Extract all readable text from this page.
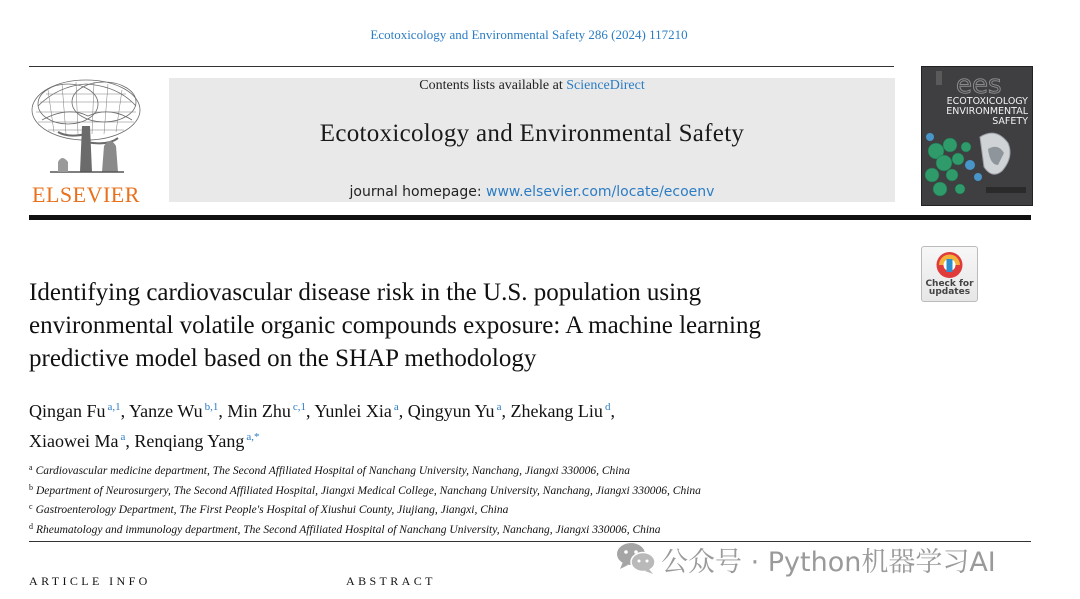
Ecotoxicology and Environmental Safety 286 (2024) 117210
ELSEVIER
Contents lists available at ScienceDirect
Ecotoxicology and Environmental Safety
journal homepage: www.elsevier.com/locate/ecoenv
ees
ECOTOXICOLOGY
ENVIRONMENTAL
SAFETY
Check for
updates
Identifying cardiovascular disease risk in the U.S. population using
environmental volatile organic compounds exposure: A machine learning
predictive model based on the SHAP methodology
Qingan Fu $^{a,1}$, Yanze Wu $^{b,1}$, Min Zhu $^{c,1}$, Yunlei Xia $^a$, Qingyun Yu $^a$, Zhekang Liu $^d$,
Xiaowei Ma $^a$, Renqiang Yang $^{a,*}$
$^a$ Cardiovascular medicine department, The Second Affiliated Hospital of Nanchang University, Nanchang, Jiangxi 330006, China
$^b$ Department of Neurosurgery, The Second Affiliated Hospital, Jiangxi Medical College, Nanchang University, Nanchang, Jiangxi 330006, China
$^c$ Gastroenterology Department, The First People's Hospital of Xiushui County, Jiujiang, Jiangxi, China
$^d$ Rheumatology and immunology department, The Second Affiliated Hospital of Nanchang University, Nanchang, Jiangxi 330006, China
ARTICLE INFO	ABSTRACT
公众号 · Python机器学习AI
